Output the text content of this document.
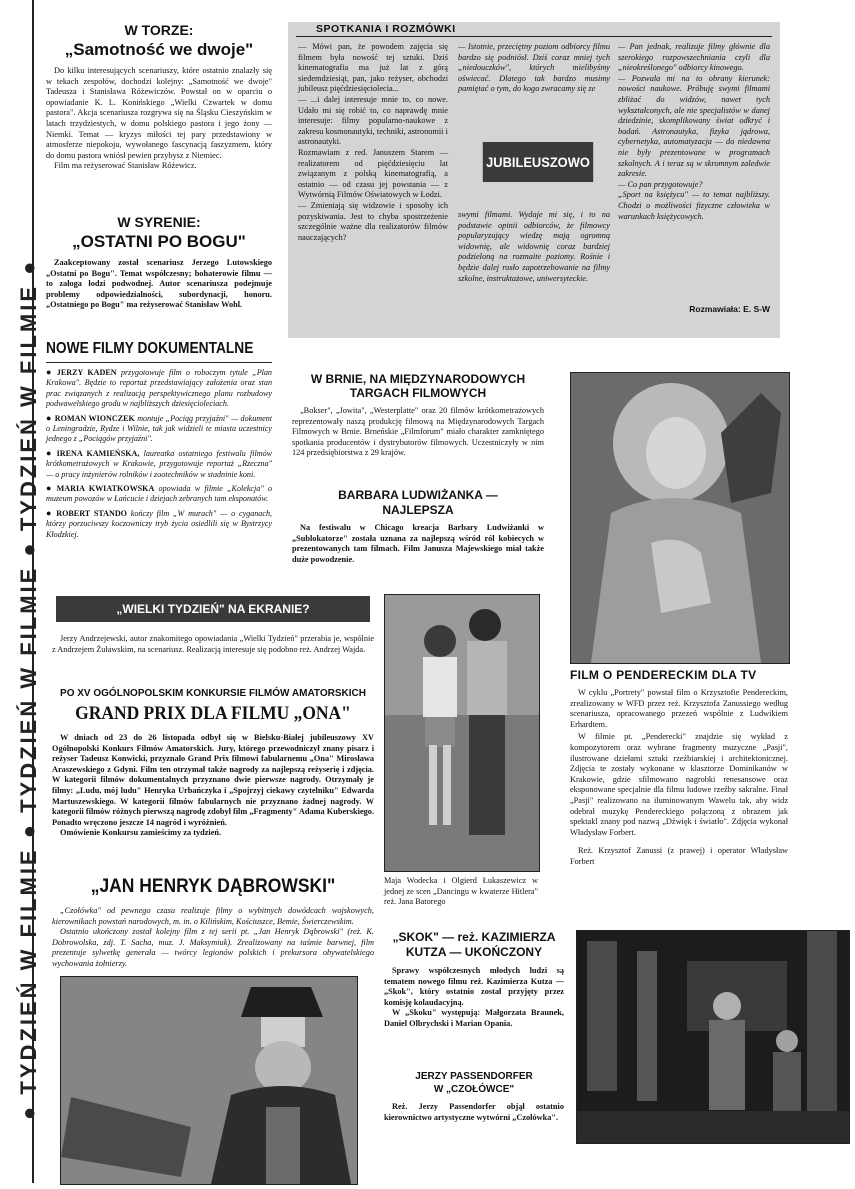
● TYDZIEŃ W FILMIE ● TYDZIEŃ W FILMIE ● TYDZIEŃ W FILMIE ●
W TORZE:
„Samotność we dwoje"

Do kilku interesujących scenariuszy, które ostatnio znalazły się w tekach zespołów, dochodzi kolejny: „Samotność we dwoje" Tadeusza i Stanisława Różewiczów. Powstał on w oparciu o opowiadanie K. L. Konińskiego „Wielki Czwartek w domu pastora". Akcja scenariusza rozgrywa się na Śląsku Cieszyńskim w latach trzydziestych, w domu polskiego pastora i jego żony — Niemki. Temat — kryzys miłości tej pary przedstawiony w atmosferze niepokoju, wywołanego fascynacją faszyzmem, który do domu pastora wniósł pewien przybysz z Niemiec.

Film ma reżyserować Stanisław Różewicz.

W SYRENIE:
„OSTATNI PO BOGU"

Zaakceptowany został scenariusz Jerzego Lutowskiego „Ostatni po Bogu". Temat współczesny; bohaterowie filmu — to załoga łodzi podwodnej. Autor scenariusza podejmuje problemy odpowiedzialności, subordynacji, honoru. „Ostatniego po Bogu" ma reżyserować Stanisław Wohl.

NOWE FILMY DOKUMENTALNE

● JERZY KADEN przygotowuje film o roboczym tytule „Plan Krakowa". Będzie to reportaż przedstawiający założenia oraz stan prac związanych z realizacją perspektywicznego planu rozbudowy podwawelskiego grodu w najbliższych dziesięcioleciach.

● ROMAN WIONCZEK montuje „Pociąg przyjaźni" — dokument o Leningradzie, Rydze i Wilnie, tak jak widzieli te miasta uczestnicy jednego z „Pociągów przyjaźni".

● IRENA KAMIEŃSKA, laureatka ostatniego festiwalu filmów krótkometrażowych w Krakowie, przygotowuje reportaż „Rzeczna" — o pracy inżynierów rolników i zootechników w stadninie koni.

● MARIA KWIATKOWSKA opowiada w filmie „Kolekcja" o muzeum powozów w Łańcucie i dziejach zebranych tam eksponatów.

● ROBERT STANDO kończy film „W murach" — o cyganach, którzy porzuciwszy koczowniczy tryb życia osiedlili się w Bystrzycy Kłodzkiej.

SPOTKANIA I ROZMÓWKI
— Mówi pan, że powodem zajęcia się filmem była nowość tej sztuki. Dziś kinematografia ma już lat z górą siedemdziesiąt, pan, jako reżyser, obchodzi jubileusz pięćdziesięciolecia...
— ...i dalej interesuje mnie to, co nowe. Udało mi się robić to, co naprawdę mnie interesuje: filmy popularno-naukowe z zakresu kosmonautyki, techniki, astronomii i astronautyki.
Rozmawiam z red. Januszem Starem — realizatorem od pięćdziesięciu lat związanym z polską kinematografią, a ostatnio — od czasu jej powstania — z Wytwórnią Filmów Oświatowych w Łodzi.
— Zmieniają się widzowie i sposoby ich pozyskiwania. Jest to chyba spostrzeżenie szczególnie ważne dla realizatorów filmów nauczających?
— Istotnie, przeciętny poziom odbiorcy filmu bardzo się podniósł. Dziś coraz mniej tych „niedouczków", których mielibyśmy oświecać. Dlatego tak bardzo musimy pamiętać o tym, do kogo zwracamy się ze
JUBILEUSZOWO
swymi filmami. Wydaje mi się, i to na podstawie opinii odbiorców, że filmowcy popularyzujący wiedzę mają ogromną widownię, ale widownię coraz bardziej podzieloną na rozmaite poziomy. Rośnie i będzie dalej rosło zapotrzebowanie na filmy szkolne, instruktażowe, uniwersyteckie.
— Pan jednak, realizuje filmy głównie dla szerokiego rozpowszechniania czyli dla „nieokreślonego" odbiorcy kinowego.
— Pozwala mi na to obrany kierunek: nowości naukowe. Próbuję swymi filmami zbliżać do widzów, nawet tych wykształconych, ale nie specjalistów w danej dziedzinie, skomplikowany świat odkryć i badań. Astronautyka, fizyka jądrowa, cybernetyka, automatyzacja — do niedawna nie były prezentowane w programach szkolnych. A i teraz są w skromnym zaledwie zakresie.
— Co pan przygotowuje?
„Sport na księżycu" — to temat najbliższy. Chodzi o możliwości fizyczne człowieka w warunkach księżycowych.
Rozmawiała: E. S-W
W BRNIE, NA MIĘDZYNARODOWYCH TARGACH FILMOWYCH

„Bokser", „Jowita", „Westerplatte" oraz 20 filmów krótkometrażowych reprezentowały naszą produkcję filmową na Międzynarodowych Targach Filmowych w Brnie. Brneńskie „Filmforum" miało charakter zamkniętego spotkania producentów i dystrybutorów filmowych. Uczestniczyły w nim 124 przedsiębiorstwa z 29 krajów.

BARBARA LUDWIŻANKA — NAJLEPSZA

Na festiwalu w Chicago kreacja Barbary Ludwiżanki w „Sublokatorze" została uznana za najlepszą wśród ról kobiecych w prezentowanych tam filmach. Film Janusza Majewskiego miał także duże powodzenie.

FILM O PENDERECKIM DLA TV

W cyklu „Portrety" powstał film o Krzysztofie Pendereckim, zrealizowany w WFD przez reż. Krzysztofa Zanussiego według scenariusza, opracowanego przezeń wspólnie z Ludwikiem Erhardtem.

W filmie pt. „Penderecki" znajdzie się wykład z kompozytorem oraz wybrane fragmenty muzyczne „Pasji", ilustrowane dziełami sztuki rzeźbiarskiej i architektonicznej. Zdjęcia te zostały wykonane w klasztorze Dominikanów w Krakowie, gdzie sfilmowano nagrobki renesansowe oraz eksponowane specjalnie dla filmu ludowe rzeźby sakralne. Finał „Pasji" realizowano na iluminowanym Wawelu tak, aby widz odebrał muzykę Pendereckiego połączoną z obrazem jak spektakl znany pod nazwą „Dźwięk i światło". Zdjęcia wykonał Władysław Forbert.

Reż. Krzysztof Zanussi (z prawej) i operator Władysław Forbert

„WIELKI TYDZIEŃ" NA EKRANIE?

Jerzy Andrzejewski, autor znakomitego opowiadania „Wielki Tydzień" przerabia je, wspólnie z Andrzejem Żuławskim, na scenariusz. Realizacją interesuje się podobno reż. Andrzej Wajda.

PO XV OGÓLNOPOLSKIM KONKURSIE FILMÓW AMATORSKICH
GRAND PRIX DLA FILMU „ONA"

W dniach od 23 do 26 listopada odbył się w Bielsku-Białej jubileuszowy XV Ogólnopolski Konkurs Filmów Amatorskich. Jury, którego przewodniczył znany pisarz i reżyser Tadeusz Konwicki, przyznało Grand Prix filmowi fabularnemu „Ona" Mirosława Araszewskiego z Gdyni. Film ten otrzymał także nagrody za najlepszą reżyserię i zdjęcia. W kategorii filmów dokumentalnych przyznano dwie pierwsze nagrody. Otrzymały je filmy: „Ludu, mój ludu" Henryka Urbańczyka i „Spojrzyj ciekawy czytelniku" Edwarda Martuszewskiego. W kategorii filmów fabularnych nie przyznano żadnej nagrody. W kategorii filmów różnych pierwszą nagrodę zdobył film „Fragmenty" Adama Kuberskiego. Ponadto wręczono jeszcze 14 nagród i wyróżnień.

Omówienie Konkursu zamieścimy za tydzień.

Maja Wodecka i Olgierd Łukaszewicz w jednej ze scen „Dancingu w kwaterze Hitlera" reż. Jana Batorego
„JAN HENRYK DĄBROWSKI"

„Czołówka" od pewnego czasu realizuje filmy o wybitnych dowódcach wojskowych, kierownikach powstań narodowych, m. in. o Kilińskim, Kościuszce, Bemie, Świerczewskim.

Ostatnio ukończony został kolejny film z tej serii pt. „Jan Henryk Dąbrowski" (reż. K. Dobrowolska, zdj. T. Sacha, muz. J. Maksymiuk). Zrealizowany na taśmie barwnej, film prezentuje sylwetkę generała — twórcy legionów polskich i prekursora obywatelskiego wychowania żołnierzy.

„SKOK" — reż. KAZIMIERZA KUTZA — UKOŃCZONY

Sprawy współczesnych młodych ludzi są tematem nowego filmu reż. Kazimierza Kutza — „Skok", który ostatnio został przyjęty przez komisję kolaudacyjną.

W „Skoku" występują: Małgorzata Braunek, Daniel Olbrychski i Marian Opania.

JERZY PASSENDORFER W „CZOŁÓWCE"

Reż. Jerzy Passendorfer objął ostatnio kierownictwo artystyczne wytwórni „Czołówka".
